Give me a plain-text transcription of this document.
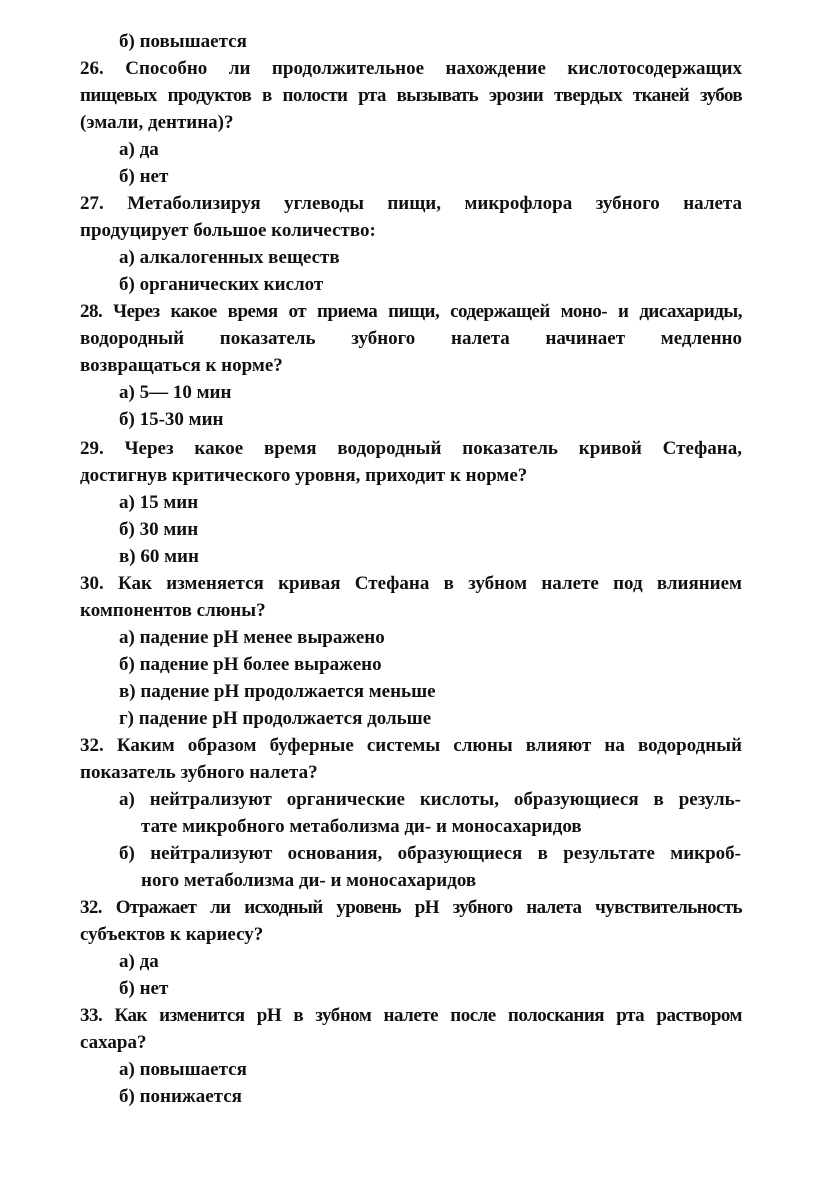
б) повышается
26. Способно ли продолжительное нахождение кислотосодержащих
пищевых продуктов в полости рта вызывать эрозии твердых тканей зубов
(эмали, дентина)?
а) да
б) нет
27. Метаболизируя углеводы пищи, микрофлора зубного налета
продуцирует большое количество:
а) алкалогенных веществ
б) органических кислот
28. Через какое время от приема пищи, содержащей моно- и дисахариды,
водородный показатель зубного налета начинает медленно
возвращаться к норме?
а) 5— 10 мин
б) 15-30 мин
29. Через какое время водородный показатель кривой Стефана,
достигнув критического уровня, приходит к норме?
а) 15 мин
б) 30 мин
в) 60 мин
30. Как изменяется кривая Стефана в зубном налете под влиянием
компонентов слюны?
а) падение pH менее выражено
б) падение pH более выражено
в) падение pH продолжается меньше
г) падение pH продолжается дольше
32. Каким образом буферные системы слюны влияют на водородный
показатель зубного налета?
а) нейтрализуют органические кислоты, образующиеся в резуль-
тате микробного метаболизма ди- и моносахаридов
б) нейтрализуют основания, образующиеся в результате микроб-
ного метаболизма ди- и моносахаридов
32. Отражает ли исходный уровень pH зубного налета чувствительность
субъектов к кариесу?
а) да
б) нет
33. Как изменится pH в зубном налете после полоскания рта раствором
сахара?
а) повышается
б) понижается
